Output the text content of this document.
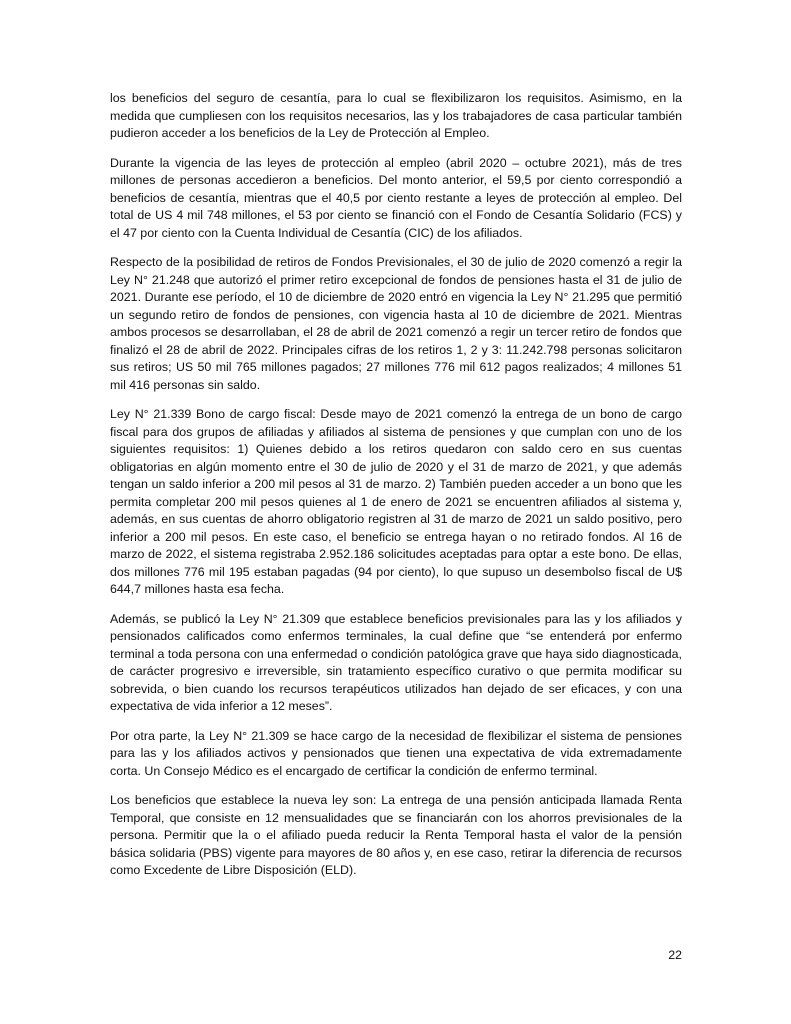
los beneficios del seguro de cesantía, para lo cual se flexibilizaron los requisitos. Asimismo, en la medida que cumpliesen con los requisitos necesarios, las y los trabajadores de casa particular también pudieron acceder a los beneficios de la Ley de Protección al Empleo.

Durante la vigencia de las leyes de protección al empleo (abril 2020 – octubre 2021), más de tres millones de personas accedieron a beneficios. Del monto anterior, el 59,5 por ciento correspondió a beneficios de cesantía, mientras que el 40,5 por ciento restante a leyes de protección al empleo. Del total de US 4 mil 748 millones, el 53 por ciento se financió con el Fondo de Cesantía Solidario (FCS) y el 47 por ciento con la Cuenta Individual de Cesantía (CIC) de los afiliados.

Respecto de la posibilidad de retiros de Fondos Previsionales, el 30 de julio de 2020 comenzó a regir la Ley N° 21.248 que autorizó el primer retiro excepcional de fondos de pensiones hasta el 31 de julio de 2021. Durante ese período, el 10 de diciembre de 2020 entró en vigencia la Ley N° 21.295 que permitió un segundo retiro de fondos de pensiones, con vigencia hasta al 10 de diciembre de 2021. Mientras ambos procesos se desarrollaban, el 28 de abril de 2021 comenzó a regir un tercer retiro de fondos que finalizó el 28 de abril de 2022. Principales cifras de los retiros 1, 2 y 3: 11.242.798 personas solicitaron sus retiros; US 50 mil 765 millones pagados; 27 millones 776 mil 612 pagos realizados; 4 millones 51 mil 416 personas sin saldo.

Ley N° 21.339 Bono de cargo fiscal: Desde mayo de 2021 comenzó la entrega de un bono de cargo fiscal para dos grupos de afiliadas y afiliados al sistema de pensiones y que cumplan con uno de los siguientes requisitos: 1) Quienes debido a los retiros quedaron con saldo cero en sus cuentas obligatorias en algún momento entre el 30 de julio de 2020 y el 31 de marzo de 2021, y que además tengan un saldo inferior a 200 mil pesos al 31 de marzo. 2) También pueden acceder a un bono que les permita completar 200 mil pesos quienes al 1 de enero de 2021 se encuentren afiliados al sistema y, además, en sus cuentas de ahorro obligatorio registren al 31 de marzo de 2021 un saldo positivo, pero inferior a 200 mil pesos. En este caso, el beneficio se entrega hayan o no retirado fondos. Al 16 de marzo de 2022, el sistema registraba 2.952.186 solicitudes aceptadas para optar a este bono. De ellas, dos millones 776 mil 195 estaban pagadas (94 por ciento), lo que supuso un desembolso fiscal de U$ 644,7 millones hasta esa fecha.

Además, se publicó la Ley N° 21.309 que establece beneficios previsionales para las y los afiliados y pensionados calificados como enfermos terminales, la cual define que “se entenderá por enfermo terminal a toda persona con una enfermedad o condición patológica grave que haya sido diagnosticada, de carácter progresivo e irreversible, sin tratamiento específico curativo o que permita modificar su sobrevida, o bien cuando los recursos terapéuticos utilizados han dejado de ser eficaces, y con una expectativa de vida inferior a 12 meses”.

Por otra parte, la Ley N° 21.309 se hace cargo de la necesidad de flexibilizar el sistema de pensiones para las y los afiliados activos y pensionados que tienen una expectativa de vida extremadamente corta. Un Consejo Médico es el encargado de certificar la condición de enfermo terminal.

Los beneficios que establece la nueva ley son: La entrega de una pensión anticipada llamada Renta Temporal, que consiste en 12 mensualidades que se financiarán con los ahorros previsionales de la persona. Permitir que la o el afiliado pueda reducir la Renta Temporal hasta el valor de la pensión básica solidaria (PBS) vigente para mayores de 80 años y, en ese caso, retirar la diferencia de recursos como Excedente de Libre Disposición (ELD).

22
